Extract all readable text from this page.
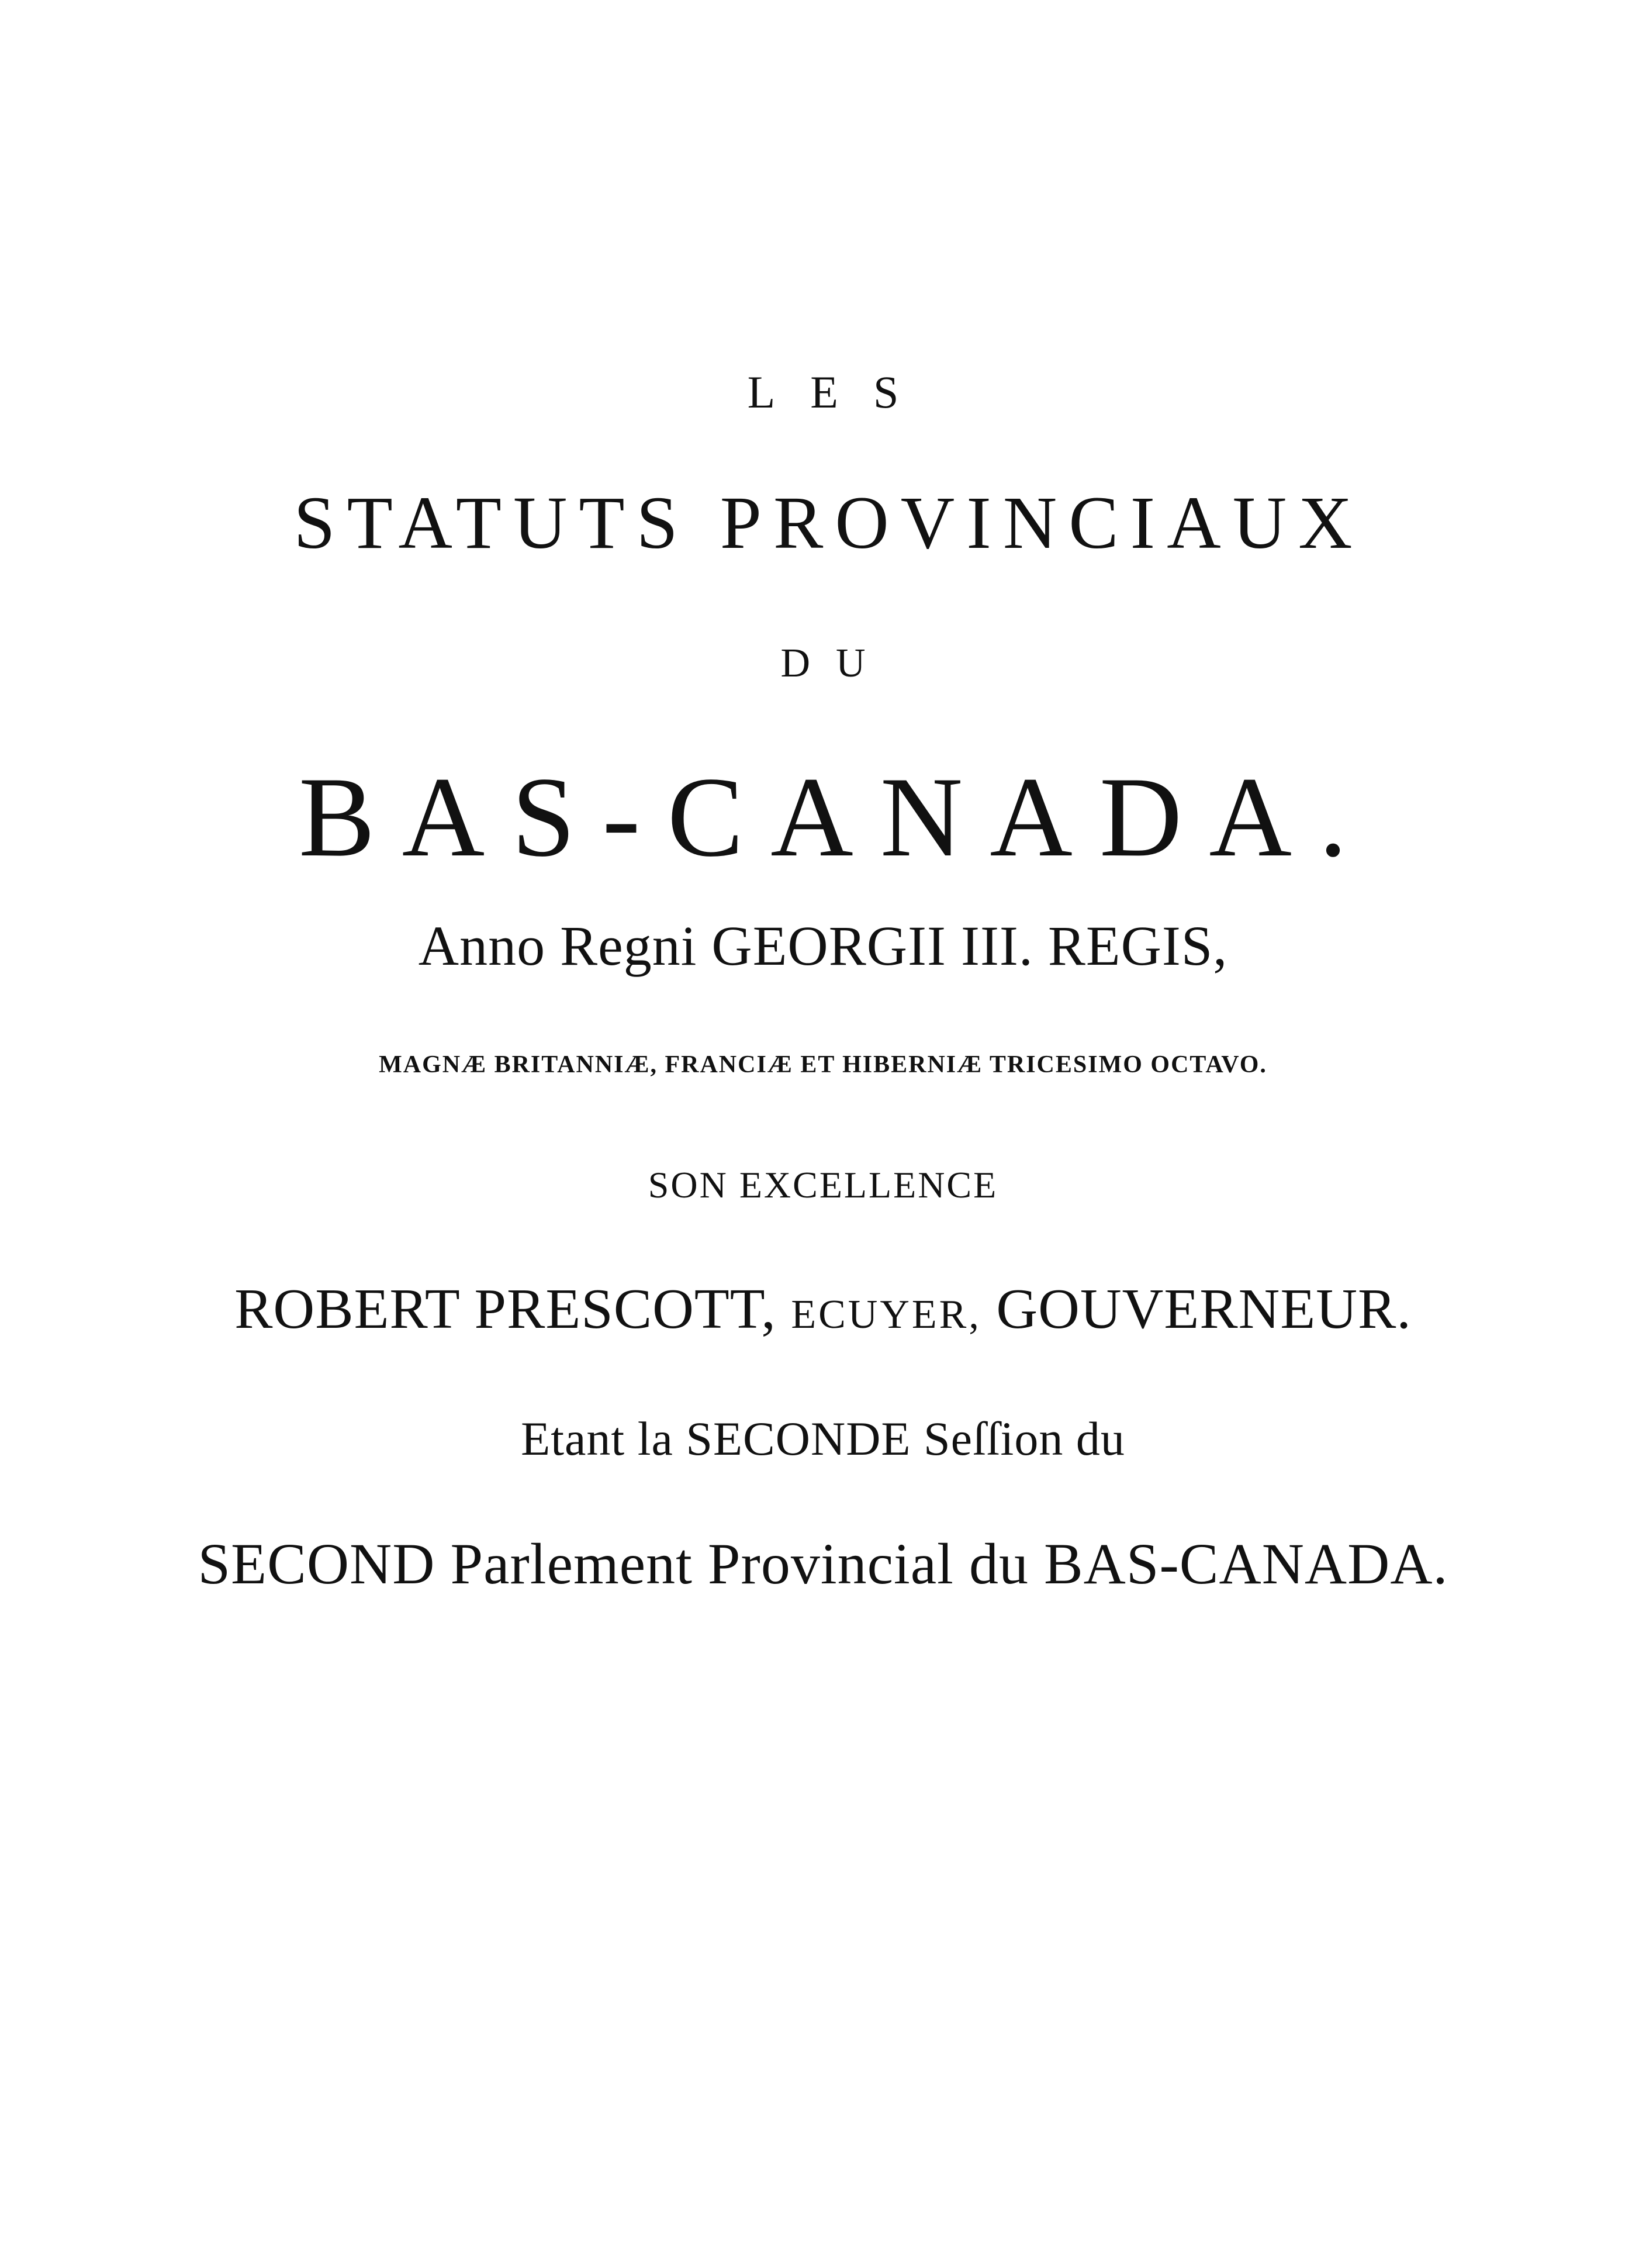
LES
STATUTS PROVINCIAUX
DU
BAS-CANADA.
Anno Regni GEORGII III. REGIS,
MAGNÆ BRITANNIÆ, FRANCIÆ ET HIBERNIÆ TRICESIMO OCTAVO.
SON EXCELLENCE
ROBERT PRESCOTT, ECUYER, GOUVERNEUR.
Etant la SECONDE Seſſion du
SECOND Parlement Provincial du BAS-CANADA.
